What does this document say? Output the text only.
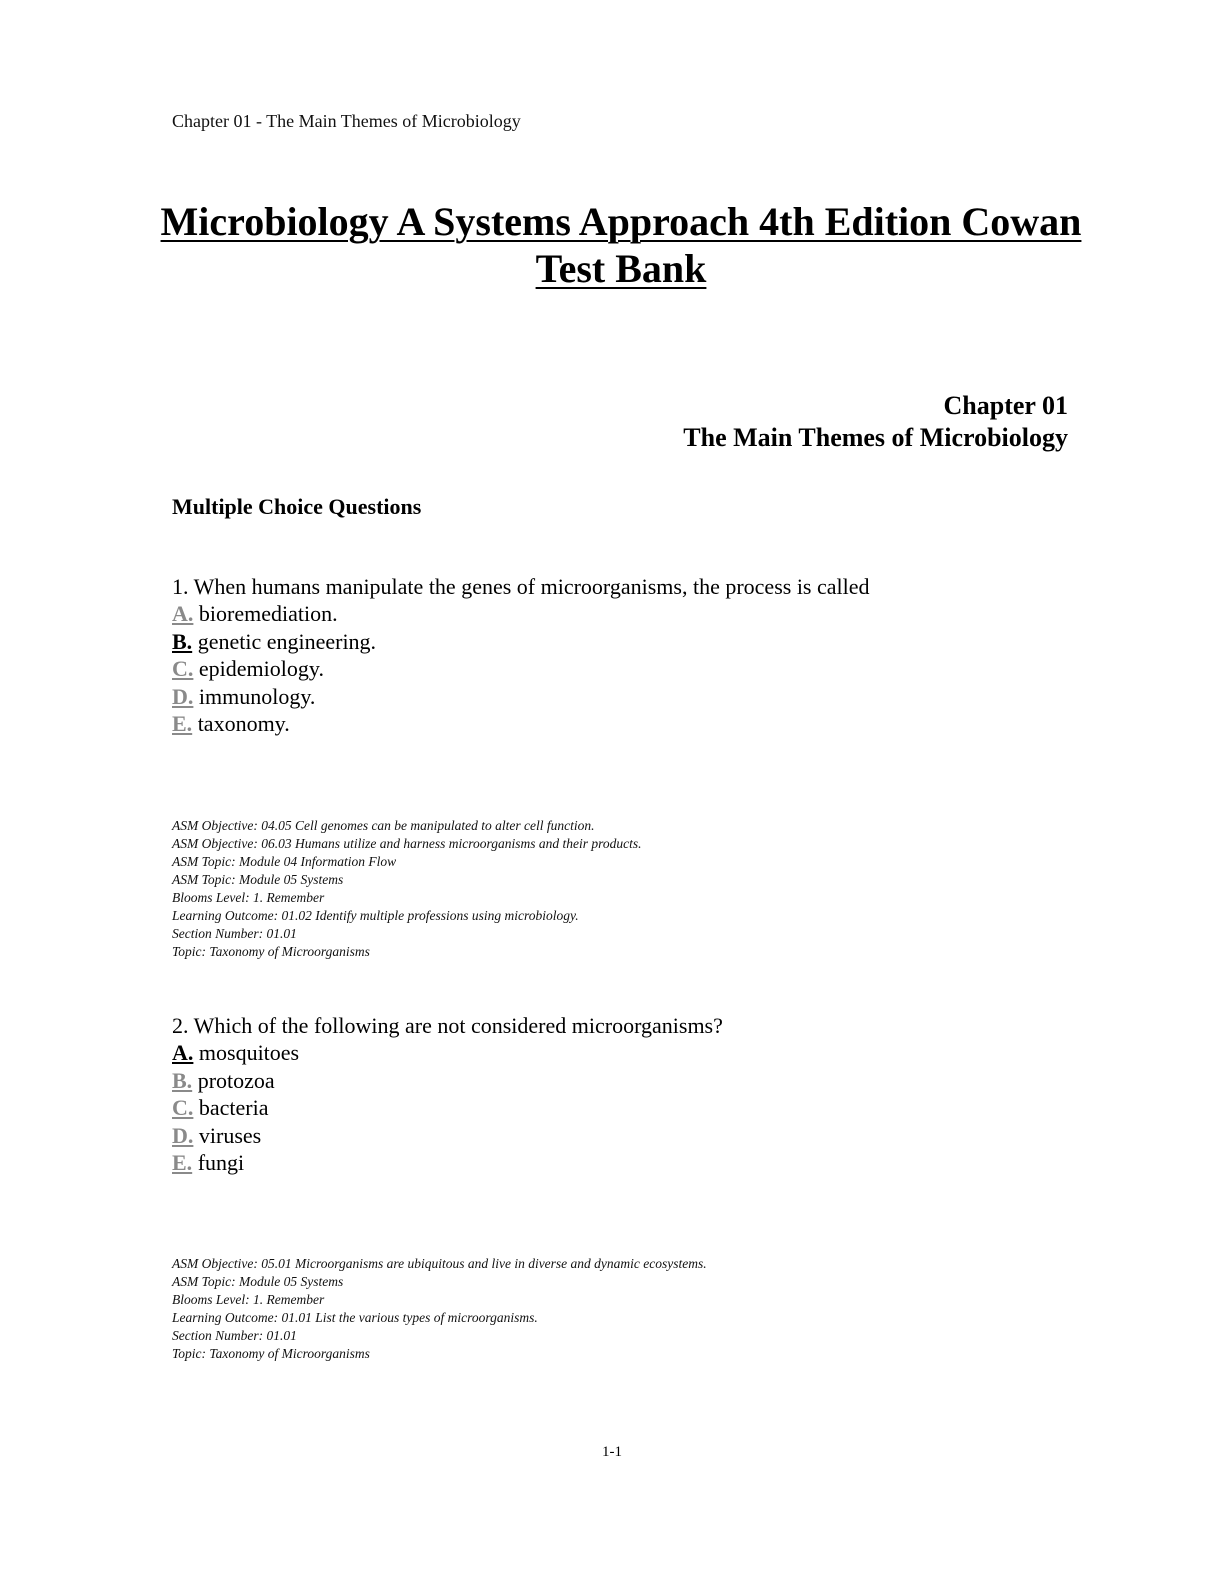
Chapter 01 - The Main Themes of Microbiology
Microbiology A Systems Approach 4th Edition Cowan
Test Bank
Chapter 01
The Main Themes of Microbiology
Multiple Choice Questions

1. When humans manipulate the genes of microorganisms, the process is called

A. bioremediation.
B. genetic engineering.
C. epidemiology.
D. immunology.
E. taxonomy.
ASM Objective: 04.05 Cell genomes can be manipulated to alter cell function.
ASM Objective: 06.03 Humans utilize and harness microorganisms and their products.
ASM Topic: Module 04 Information Flow
ASM Topic: Module 05 Systems
Blooms Level: 1. Remember
Learning Outcome: 01.02 Identify multiple professions using microbiology.
Section Number: 01.01
Topic: Taxonomy of Microorganisms

2. Which of the following are not considered microorganisms?

A. mosquitoes
B. protozoa
C. bacteria
D. viruses
E. fungi
ASM Objective: 05.01 Microorganisms are ubiquitous and live in diverse and dynamic ecosystems.
ASM Topic: Module 05 Systems
Blooms Level: 1. Remember
Learning Outcome: 01.01 List the various types of microorganisms.
Section Number: 01.01
Topic: Taxonomy of Microorganisms
1-1
